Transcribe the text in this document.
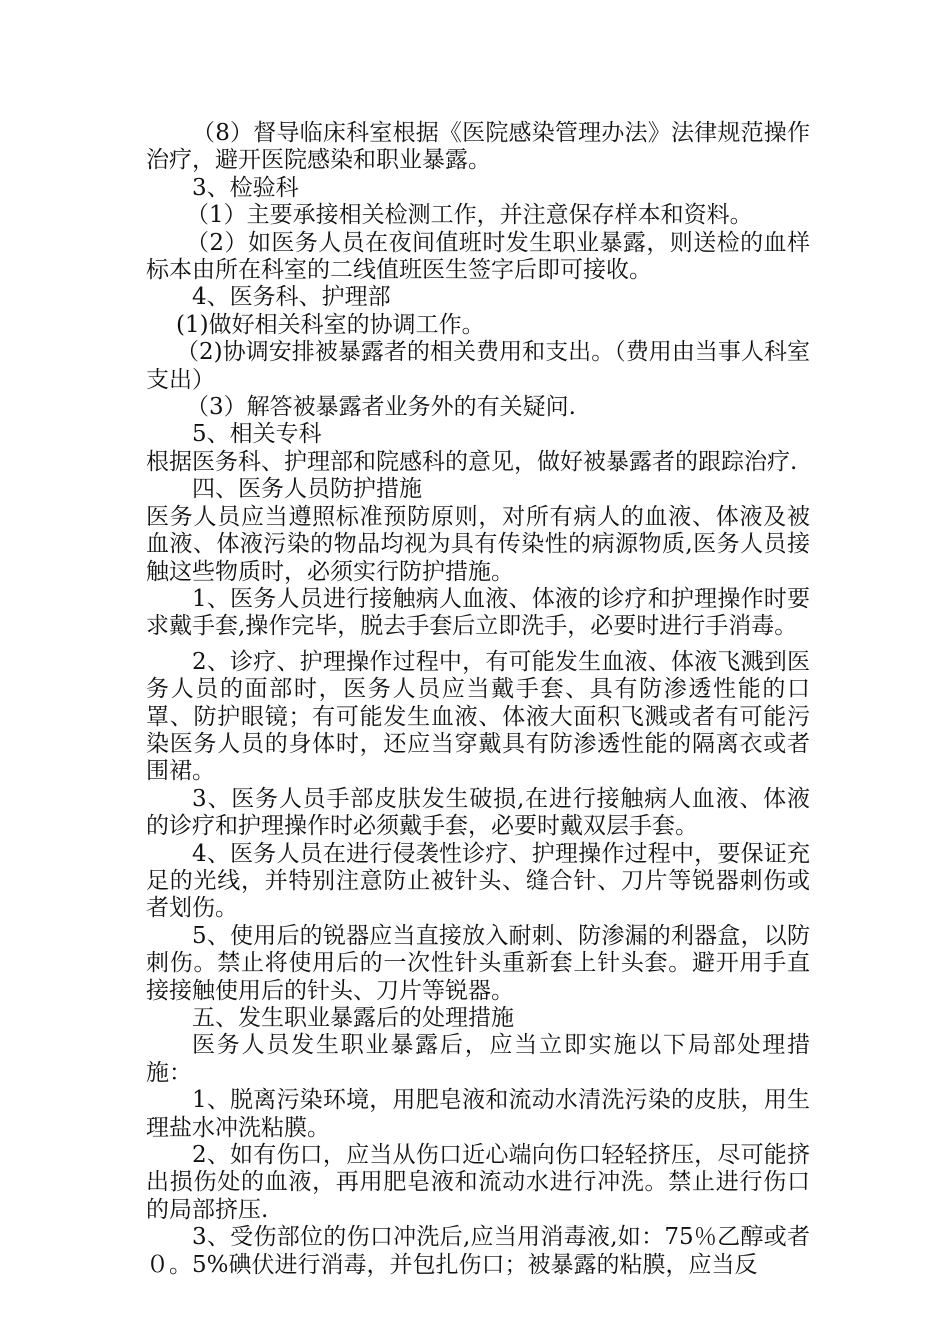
（8）督导临床科室根据《医院感染管理办法》法律规范操作治疗，避开医院感染和职业暴露。

3、检验科

（1）主要承接相关检测工作，并注意保存样本和资料。

（2）如医务人员在夜间值班时发生职业暴露，则送检的血样标本由所在科室的二线值班医生签字后即可接收。

4、医务科、护理部

(1)做好相关科室的协调工作。

（2)协调安排被暴露者的相关费用和支出。（费用由当事人科室支出）

（3）解答被暴露者业务外的有关疑问.

5、相关专科

根据医务科、护理部和院感科的意见，做好被暴露者的跟踪治疗.

四、医务人员防护措施

医务人员应当遵照标准预防原则，对所有病人的血液、体液及被血液、体液污染的物品均视为具有传染性的病源物质,医务人员接触这些物质时，必须实行防护措施。

1、医务人员进行接触病人血液、体液的诊疗和护理操作时要求戴手套,操作完毕，脱去手套后立即洗手，必要时进行手消毒。

2、诊疗、护理操作过程中，有可能发生血液、体液飞溅到医务人员的面部时，医务人员应当戴手套、具有防渗透性能的口罩、防护眼镜；有可能发生血液、体液大面积飞溅或者有可能污染医务人员的身体时，还应当穿戴具有防渗透性能的隔离衣或者围裙。

3、医务人员手部皮肤发生破损,在进行接触病人血液、体液的诊疗和护理操作时必须戴手套，必要时戴双层手套。

4、医务人员在进行侵袭性诊疗、护理操作过程中，要保证充足的光线，并特别注意防止被针头、缝合针、刀片等锐器刺伤或者划伤。

5、使用后的锐器应当直接放入耐刺、防渗漏的利器盒，以防刺伤。禁止将使用后的一次性针头重新套上针头套。避开用手直接接触使用后的针头、刀片等锐器。

五、发生职业暴露后的处理措施

医务人员发生职业暴露后，应当立即实施以下局部处理措施：

1、脱离污染环境，用肥皂液和流动水清洗污染的皮肤，用生理盐水冲洗粘膜。

2、如有伤口，应当从伤口近心端向伤口轻轻挤压，尽可能挤出损伤处的血液，再用肥皂液和流动水进行冲洗。禁止进行伤口的局部挤压.

3、受伤部位的伤口冲洗后,应当用消毒液,如：75％乙醇或者０。5%碘伏进行消毒，并包扎伤口；被暴露的粘膜，应当反
